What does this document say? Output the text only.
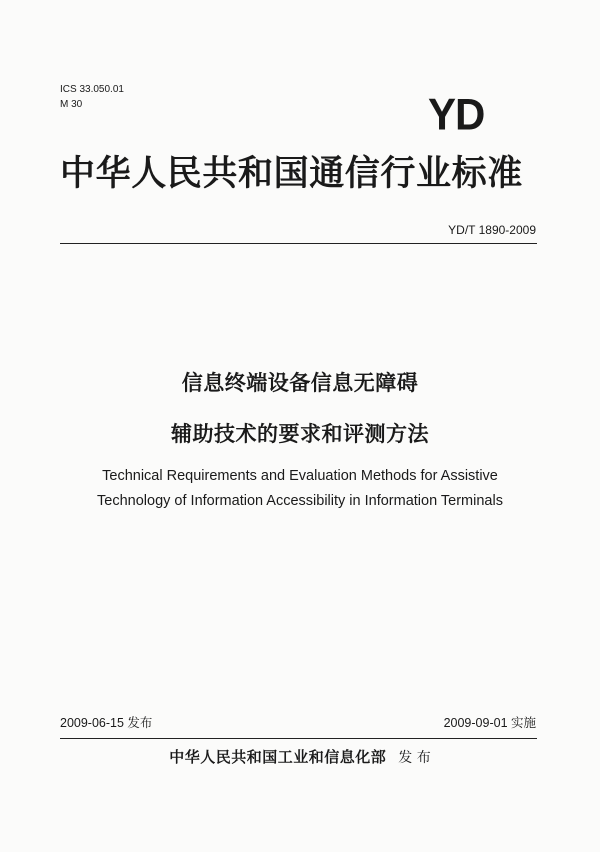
ICS 33.050.01

M 30	YD
中华人民共和国通信行业标准
YD/T 1890-2009
信息终端设备信息无障碍
辅助技术的要求和评测方法

Technical Requirements and Evaluation Methods for Assistive

Technology of Information Accessibility in Information Terminals

2009-06-15 发布	2009-09-01 实施
中华人民共和国工业和信息化部 发 布
